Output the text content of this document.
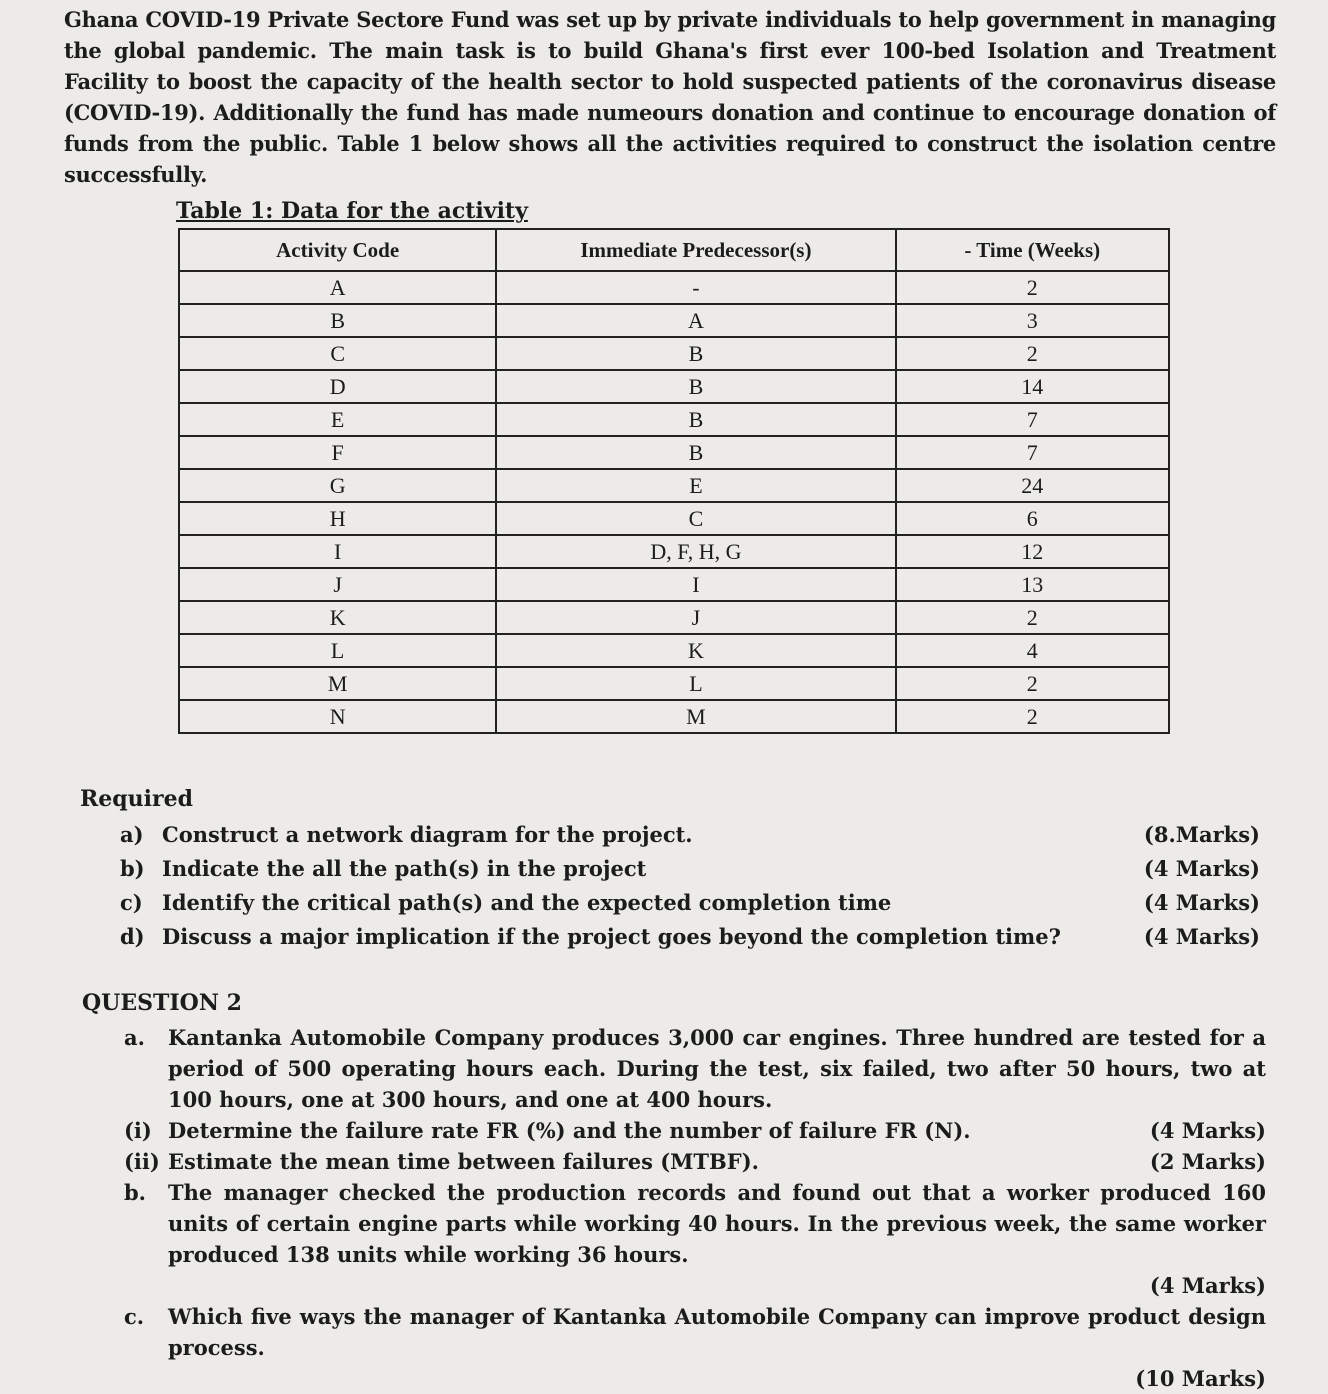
Ghana COVID-19 Private Sectore Fund was set up by private individuals to help government in managing the global pandemic. The main task is to build Ghana's first ever 100-bed Isolation and Treatment Facility to boost the capacity of the health sector to hold suspected patients of the coronavirus disease (COVID-19). Additionally the fund has made numeours donation and continue to encourage donation of funds from the public. Table 1 below shows all the activities required to construct the isolation centre successfully.
Table 1: Data for the activity
Activity Code	Immediate Predecessor(s)	- Time (Weeks)
A	-	2
B	A	3
C	B	2
D	B	14
E	B	7
F	B	7
G	E	24
H	C	6
I	D, F, H, G	12
J	I	13
K	J	2
L	K	4
M	L	2
N	M	2
Required
a) Construct a network diagram for the project.	(8.Marks)
b) Indicate the all the path(s) in the project	(4 Marks)
c) Identify the critical path(s) and the expected completion time	(4 Marks)
d) Discuss a major implication if the project goes beyond the completion time?	(4 Marks)
QUESTION 2
a.	Kantanka Automobile Company produces 3,000 car engines. Three hundred are tested for a period of 500 operating hours each. During the test, six failed, two after 50 hours, two at 100 hours, one at 300 hours, and one at 400 hours.
(i) Determine the failure rate FR (%) and the number of failure FR (N).	(4 Marks)
(ii) Estimate the mean time between failures (MTBF).	(2 Marks)
b.	The manager checked the production records and found out that a worker produced 160 units of certain engine parts while working 40 hours. In the previous week, the same worker produced 138 units while working 36 hours.
(4 Marks)
c.	Which five ways the manager of Kantanka Automobile Company can improve product design process.
(10 Marks)
